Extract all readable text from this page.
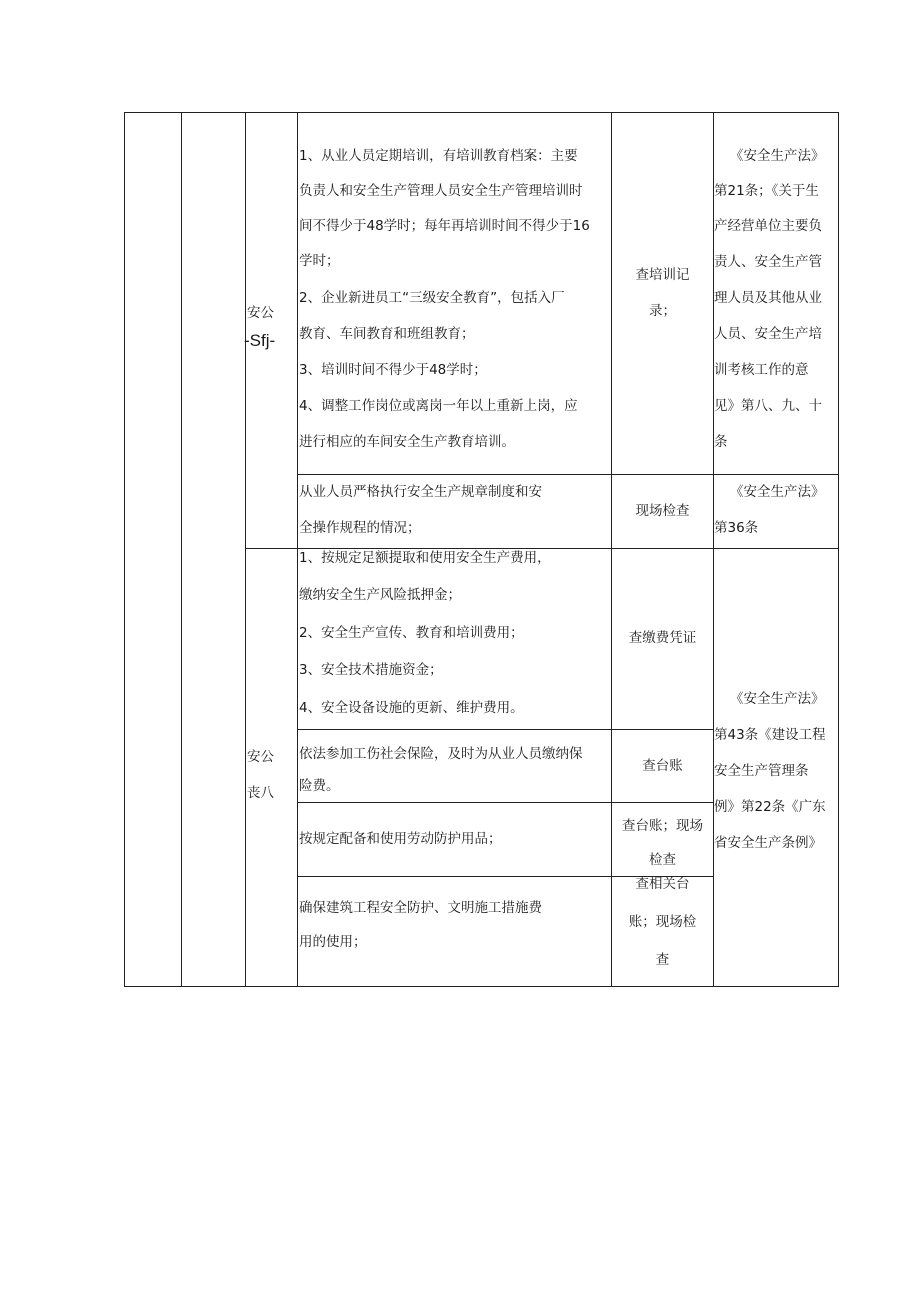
安公
-Sfj-
1、从业人员定期培训，有培训教育档案：主要
负责人和安全生产管理人员安全生产管理培训时
间不得少于48学时；每年再培训时间不得少于16
学时；
2、企业新进员工“三级安全教育”，包括入厂
教育、车间教育和班组教育；
3、培训时间不得少于48学时；
4、调整工作岗位或离岗一年以上重新上岗，应
进行相应的车间安全生产教育培训。
查培训记
录；
《安全生产法》
第21条；《关于生
产经营单位主要负
责人、安全生产管
理人员及其他从业
人员、安全生产培
训考核工作的意
见》第八、九、十
条
从业人员严格执行安全生产规章制度和安
全操作规程的情况；
现场检查
《安全生产法》
第36条
安公
丧八
1、按规定足额提取和使用安全生产费用，
缴纳安全生产风险抵押金；
2、安全生产宣传、教育和培训费用；
3、安全技术措施资金；
4、安全设备设施的更新、维护费用。
查缴费凭证
依法参加工伤社会保险，及时为从业人员缴纳保
险费。
查台账
按规定配备和使用劳动防护用品；
查台账；现场
检查
确保建筑工程安全防护、文明施工措施费
用的使用；
查相关台
账；现场检
查
《安全生产法》
第43条《建设工程
安全生产管理条
例》第22条《广东
省安全生产条例》
